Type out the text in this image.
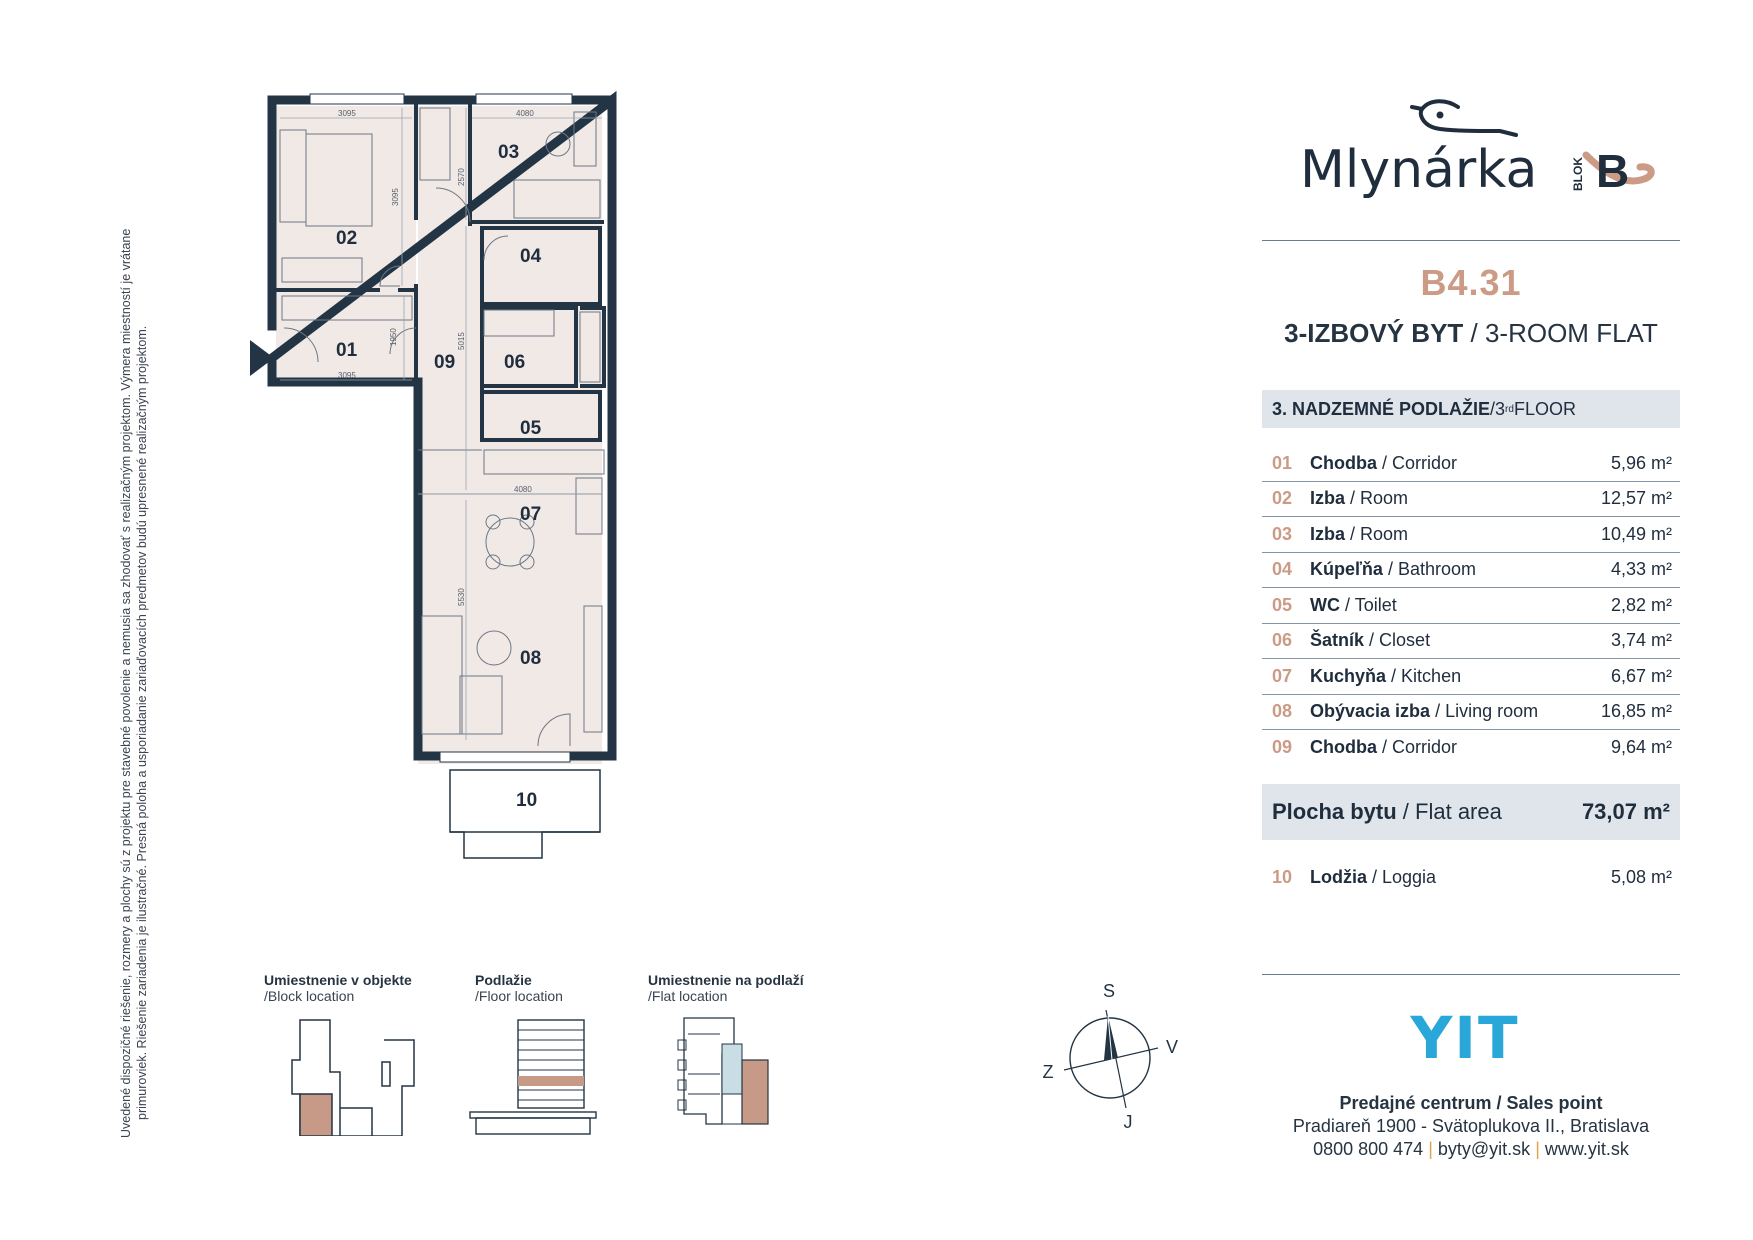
Uvedené dispozičné riešenie, rozmery a plochy sú z projektu pre stavebné povolenie a nemusia sa zhodovať s realizačným projektom. Výmera miestností je vrátane primuroviek. Riešenie zariadenia je ilustračné. Presná poloha a usporiadanie zariaďovacích predmetov budú upresnené realizačným projektom.
3095	4080
4080
3095
2570
1950	5015
5530
3095
01
02
03
04
05
06
07
08
09
10
Mlynárka	BLOK B
B4.31
3-IZBOVÝ BYT / 3-ROOM FLAT
3. NADZEMNÉ PODLAŽIE / 3 rd FLOOR
01 Chodba / Corridor	5,96 m²
02 Izba / Room	12,57 m²
03 Izba / Room	10,49 m²
04 Kúpeľňa / Bathroom	4,33 m²
05 WC / Toilet	2,82 m²
06 Šatník / Closet	3,74 m²
07 Kuchyňa / Kitchen	6,67 m²
08 Obývacia izba / Living room	16,85 m²
09 Chodba / Corridor	9,64 m²
Plocha bytu / Flat area	73,07 m²
10 Lodžia / Loggia	5,08 m²
YIT
Predajné centrum / Sales point
Pradiareň 1900 - Svätoplukova II., Bratislava
0800 800 474 | byty@yit.sk | www.yit.sk
S
J
Z
V
Umiestnenie v objekte
/Block location
Podlažie
/Floor location
Umiestnenie na podlaží
/Flat location
